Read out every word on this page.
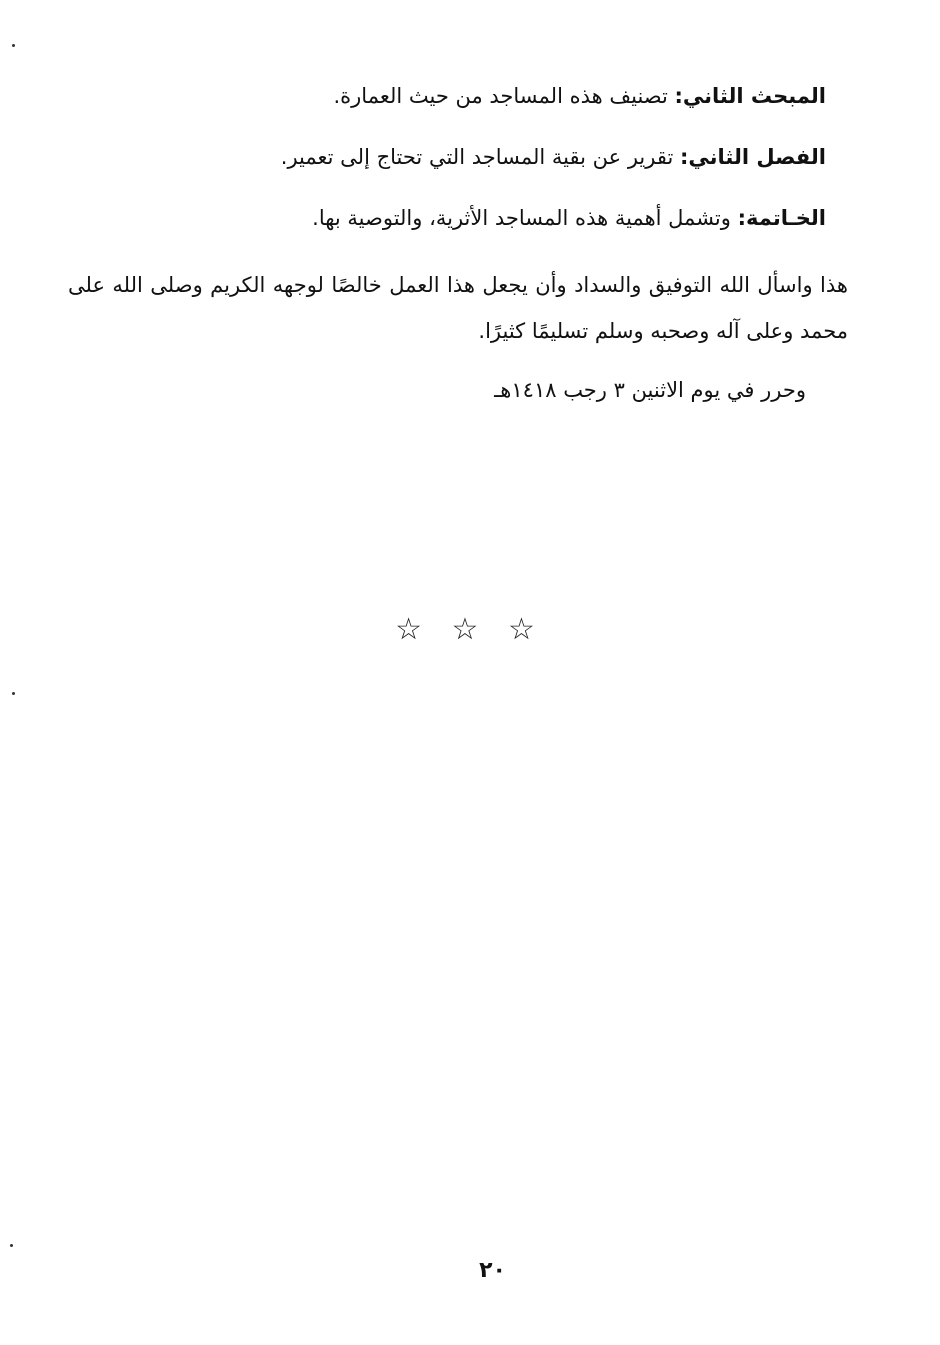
المبحث الثاني: تصنيف هذه المساجد من حيث العمارة.
الفصل الثاني: تقرير عن بقية المساجد التي تحتاج إلى تعمير.
الخـاتمة: وتشمل أهمية هذه المساجد الأثرية، والتوصية بها.
هذا واسأل الله التوفيق والسداد وأن يجعل هذا العمل خالصًا لوجهه الكريم وصلى الله على محمد وعلى آله وصحبه وسلم تسليمًا كثيرًا.
وحرر في يوم الاثنين ٣ رجب ١٤١٨هـ
☆ ☆ ☆
٢٠
